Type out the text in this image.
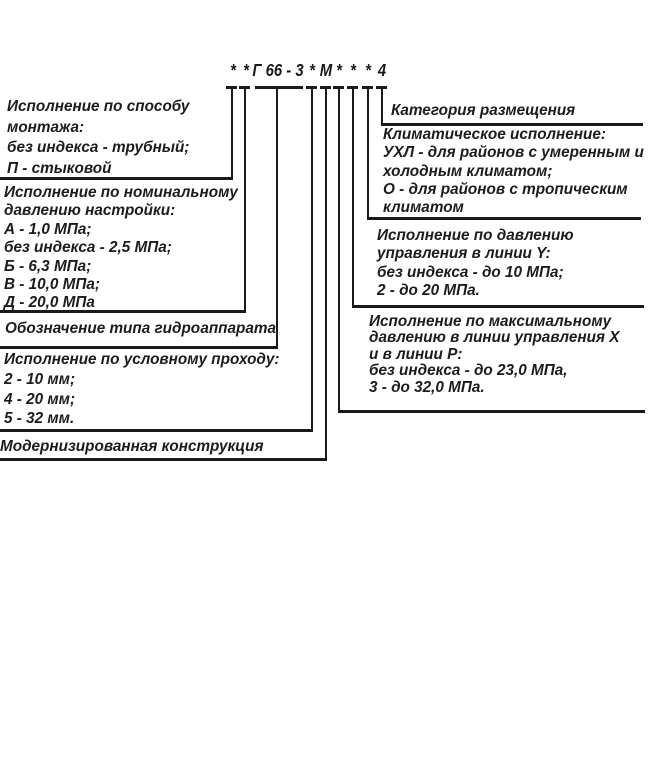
* * Г 66 - 3 * М * * * 4
Исполнение по способу
монтажа:
без индекса - трубный;
П - стыковой
Исполнение по номинальному
давлению настройки:
А - 1,0 МПа;
без индекса - 2,5 МПа;
Б - 6,3 МПа;
В - 10,0 МПа;
Д - 20,0 МПа
Обозначение типа гидроаппарата
Исполнение по условному проходу:
2 - 10 мм;
4 - 20 мм;
5 - 32 мм.
Модернизированная конструкция
Категория размещения
Климатическое исполнение:
УХЛ - для районов с умеренным и
холодным климатом;
О - для районов с тропическим
климатом
Исполнение по давлению
управления в линии Y:
без индекса - до 10 МПа;
2 - до 20 МПа.
Исполнение по максимальному
давлению в линии управления X
и в линии P:
без индекса - до 23,0 МПа,
3 - до 32,0 МПа.
